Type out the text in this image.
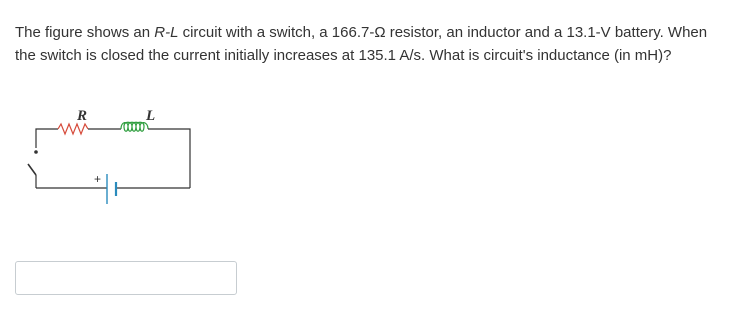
The figure shows an R-L circuit with a switch, a 166.7-Ω resistor, an inductor and a 13.1-V battery. When the switch is closed the current initially increases at 135.1 A/s. What is circuit's inductance (in mH)?

R	L
+
